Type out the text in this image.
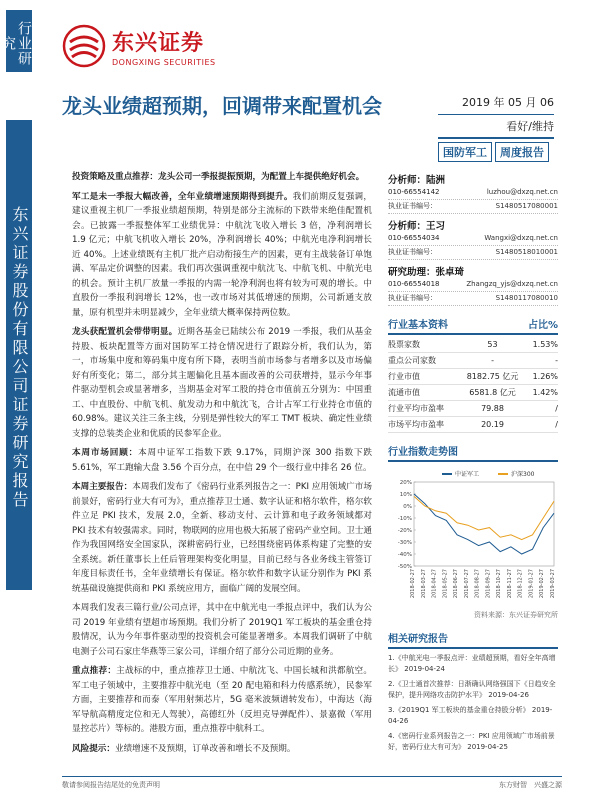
行业研究
东兴证券股份有限公司证券研究报告
东兴证券
DONGXING SECURITIES
龙头业绩超预期，回调带来配置机会	2019 年 05 月 06
看好/维持
国防军工	周度报告

投资策略及重点推荐：龙头公司一季报提振预期，为配置上车提供绝好机会。

军工是未一季报大幅改善，全年业绩增速预期得到提升。我们前期反复强调，建议重视主机厂一季报业绩超预期，特别是部分主流标的下跌带来绝佳配置机会。已披露一季报整体军工业绩优异：中航沈飞收入增长 3 倍，净利润增长 1.9 亿元；中航飞机收入增长 20%，净利润增长 40%；中航光电净利润增长近 40%。上述业绩既有主机厂批产启动衔接生产的因素，更有主战装备订单饱满、军品定价调整的因素。我们再次强调重视中航沈飞、中航飞机、中航光电的机会。预计主机厂放量一季报的内需一轮净利润也将有较为可观的增长。中直股份一季报利润增长 12%，也一改市场对其低增速的预期，公司新通支放量，原有机型并未明显减少，全年业绩大概率保持两位数。

龙头获配置机会带带明显。近期各基金已陆续公布 2019 一季报，我们从基金持股、板块配置等方面对国防军工持仓情况进行了跟踪分析，我们认为，第一，市场集中度和筹码集中度有所下降，表明当前市场参与者增多以及市场偏好有所变化；第二，部分其主题偏化且基本面改善的公司获增持，显示今年事件驱动型机会或显著增多，当期基金对军工股的持仓市值前五分别为：中国重工、中直股份、中航飞机、航发动力和中航沈飞，合计占军工行业持仓市值的 60.98%。建议关注三条主线，分别是弹性较大的军工 TMT 板块、确定性业绩支撑的总装类企业和优质的民参军企业。

本周市场回顾：本周中证军工指数下跌 9.17%，同期沪深 300 指数下跌 5.61%，军工跑输大盘 3.56 个百分点，在中信 29 个一级行业中排名 26 位。

本周主要报告：本周我们发布了《密码行业系列报告之一：PKI 应用领域广市场前景好，密码行业大有可为》，重点推荐卫士通、数字认证和格尔软件，格尔软件立足 PKI 技术，发展 2.0，全新、移动支付、云计算和电子政务领域都对 PKI 技术有较强需求。同时，物联网的应用也极大拓展了密码产业空间。卫士通作为我国网络安全国家队，深耕密码行业，已经围绕密码体系构建了完整的安全系统。新任董事长上任后管理架构变化明显，目前已经与各业务线主管签订年度目标责任书，全年业绩增长有保证。格尔软件和数字认证分别作为 PKI 系统基础设施提供商和 PKI 系统应用方，面临广阔的发展空间。

本周我们发表三篇行业/公司点评，其中在中航光电一季报点评中，我们认为公司 2019 年业绩有望超市场预期。我们分析了 2019Q1 军工板块的基金重仓持股情况，认为今年事件驱动型的投资机会可能显著增多。本周我们调研了中航电测子公司石家庄华燕等三家公司，详细介绍了部分公司近期的业务。

重点推荐：主战标的中，重点推荐卫士通、中航沈飞、中国长城和洪都航空。军工电子领域中，主要推荐中航光电（至 20 配电箱和科力传感系统），民参军方面，主要推荐和而泰（军用射频芯片，5G 毫米波频谱转发布），中海达（海军导航高精度定位和无人驾驶），高德红外（反坦克导弹配件）、景嘉微（军用显控芯片）等标的。港股方面，重点推荐中航科工。

风险提示：业绩增速不及预期，订单改善和增长不及预期。

分析师：陆洲
010-66554142	luzhou@dxzq.net.cn
执业证书编号：	S1480517080001
分析师：王习
010-66554034	Wangxi@dxzq.net.cn
执业证书编号：	S1480518010001
研究助理：张卓琦
010-66554018	Zhangzq_yjs@dxzq.net.cn
执业证书编号：	S1480117080010
行业基本资料	占比%
股票家数	53	1.53%
重点公司家数	-	-
行业市值	8182.75 亿元	1.26%
流通市值	6581.8 亿元	1.42%
行业平均市盈率	79.88	/
市场平均市盈率	20.19	/
行业指数走势图
20%
10%
0%
-10%
-20%
-30%
-40%
-50%
2018-02-27 2018-03-27 2018-04-27 2018-05-27 2018-06-27 2018-07-27 2018-08-27 2018-09-27 2018-10-27 2018-11-27 2018-12-27 2019-01-27 2019-02-27 2019-03-27
中证军工	沪深300
资料来源：东兴证券研究所
相关研究报告
1.《中航光电一季报点评：业绩超预期，看好全年高增长》 2019-04-24
2.《卫士通首次推荐：日渐确认网络强国下《日趋安全保护，提升网络攻击防护水平》 2019-04-26
3.《2019Q1 军工板块的基金重仓持股分析》 2019-04-26
4.《密码行业系列报告之一：PKI 应用领域广市场前景好，密码行业大有可为》 2019-04-25
敬请参阅报告结尾处的免责声明	东方财智　兴盛之源
